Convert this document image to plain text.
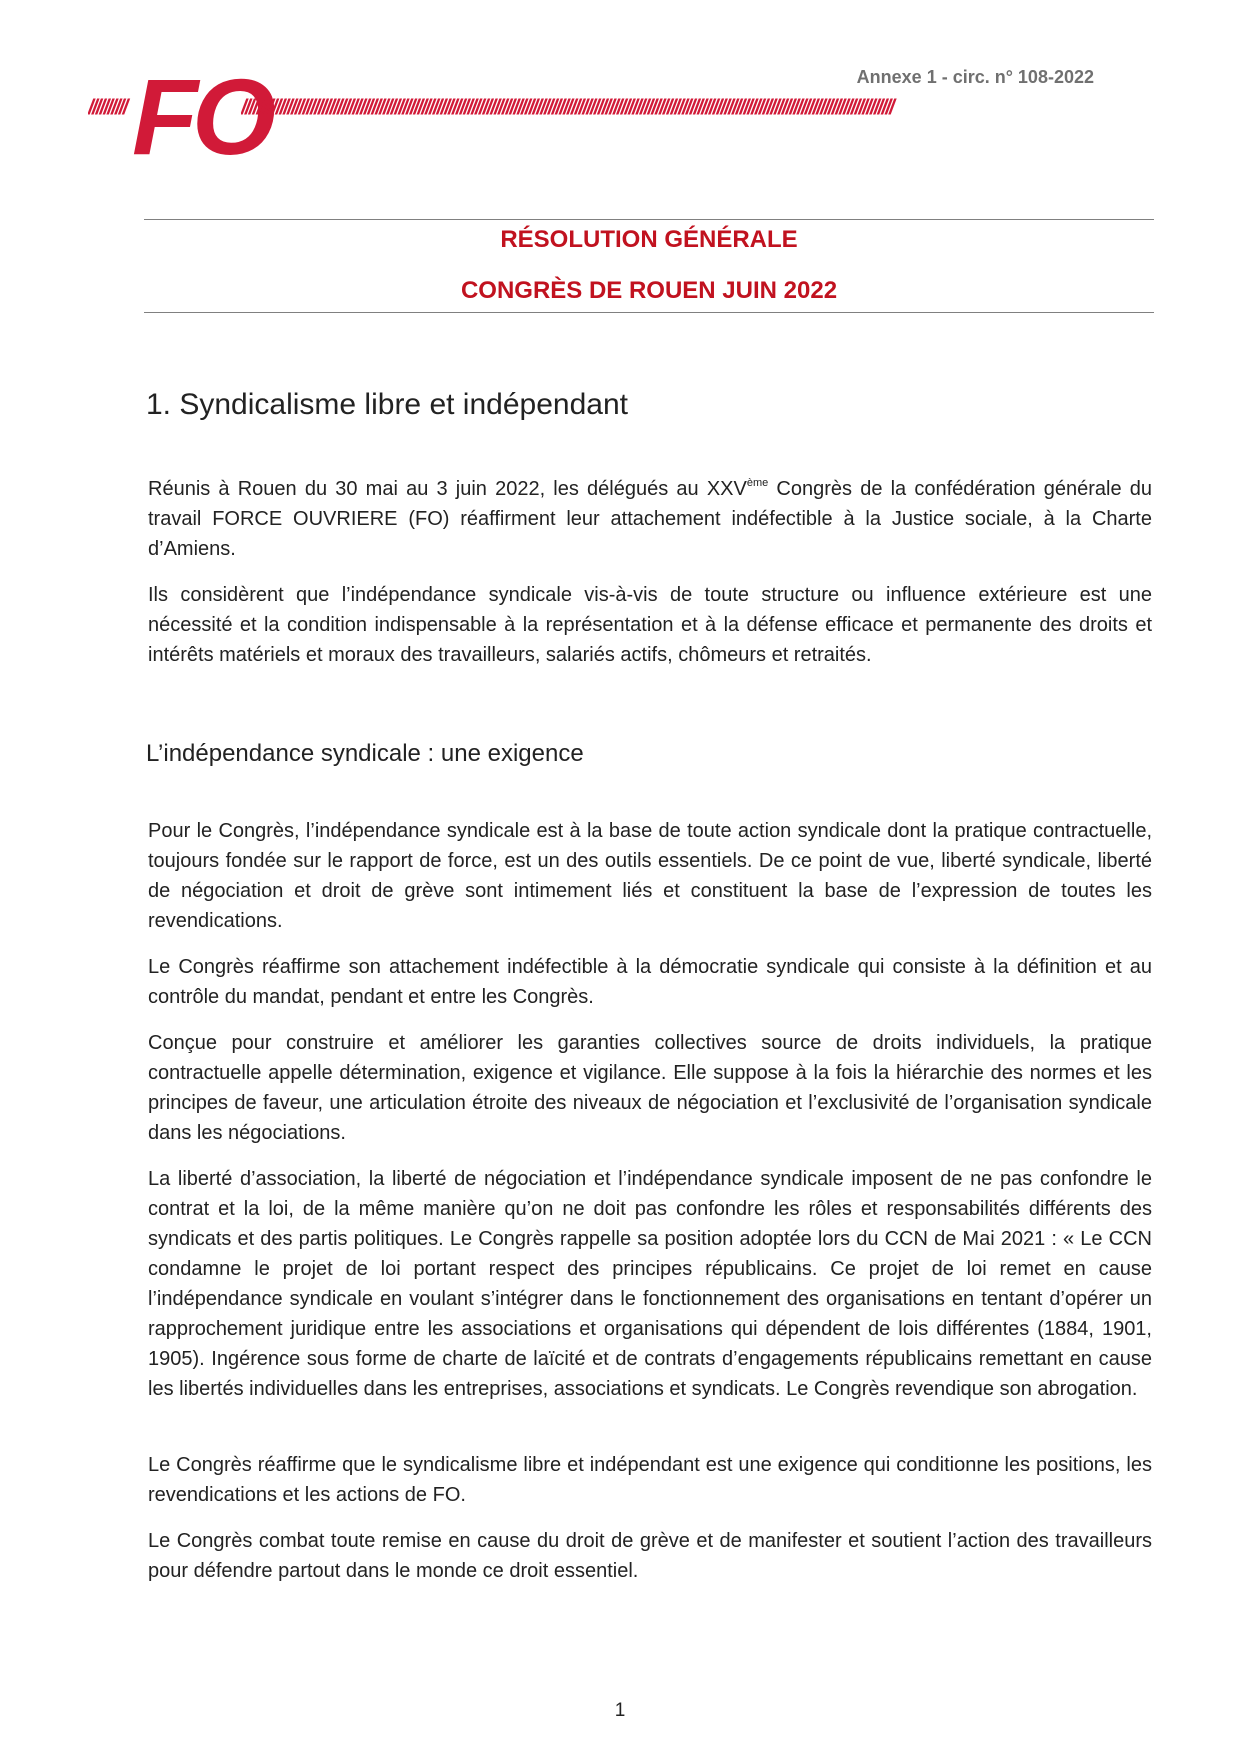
////////// FO
//////////////////////////////////////////////////////////////////////////////////////////////////////////////////////////////////////////////////////////////////////////
Annexe 1 - circ. n° 108-2022
RÉSOLUTION GÉNÉRALE
CONGRÈS DE ROUEN JUIN 2022
1. Syndicalisme libre et indépendant

Réunis à Rouen du 30 mai au 3 juin 2022, les délégués au XXVème Congrès de la confédération générale du travail FORCE OUVRIERE (FO) réaffirment leur attachement indéfectible à la Justice sociale, à la Charte d’Amiens.

Ils considèrent que l’indépendance syndicale vis-à-vis de toute structure ou influence extérieure est une nécessité et la condition indispensable à la représentation et à la défense efficace et permanente des droits et intérêts matériels et moraux des travailleurs, salariés actifs, chômeurs et retraités.

L’indépendance syndicale : une exigence

Pour le Congrès, l’indépendance syndicale est à la base de toute action syndicale dont la pratique contractuelle, toujours fondée sur le rapport de force, est un des outils essentiels. De ce point de vue, liberté syndicale, liberté de négociation et droit de grève sont intimement liés et constituent la base de l’expression de toutes les revendications.

Le Congrès réaffirme son attachement indéfectible à la démocratie syndicale qui consiste à la définition et au contrôle du mandat, pendant et entre les Congrès.

Conçue pour construire et améliorer les garanties collectives source de droits individuels, la pratique contractuelle appelle détermination, exigence et vigilance. Elle suppose à la fois la hiérarchie des normes et les principes de faveur, une articulation étroite des niveaux de négociation et l’exclusivité de l’organisation syndicale dans les négociations.

La liberté d’association, la liberté de négociation et l’indépendance syndicale imposent de ne pas confondre le contrat et la loi, de la même manière qu’on ne doit pas confondre les rôles et responsabilités différents des syndicats et des partis politiques. Le Congrès rappelle sa position adoptée lors du CCN de Mai 2021 : « Le CCN condamne le projet de loi portant respect des principes républicains. Ce projet de loi remet en cause l’indépendance syndicale en voulant s’intégrer dans le fonctionnement des organisations en tentant d’opérer un rapprochement juridique entre les associations et organisations qui dépendent de lois différentes (1884, 1901, 1905). Ingérence sous forme de charte de laïcité et de contrats d’engagements républicains remettant en cause les libertés individuelles dans les entreprises, associations et syndicats. Le Congrès revendique son abrogation.

Le Congrès réaffirme que le syndicalisme libre et indépendant est une exigence qui conditionne les positions, les revendications et les actions de FO.

Le Congrès combat toute remise en cause du droit de grève et de manifester et soutient l’action des travailleurs pour défendre partout dans le monde ce droit essentiel.

1
